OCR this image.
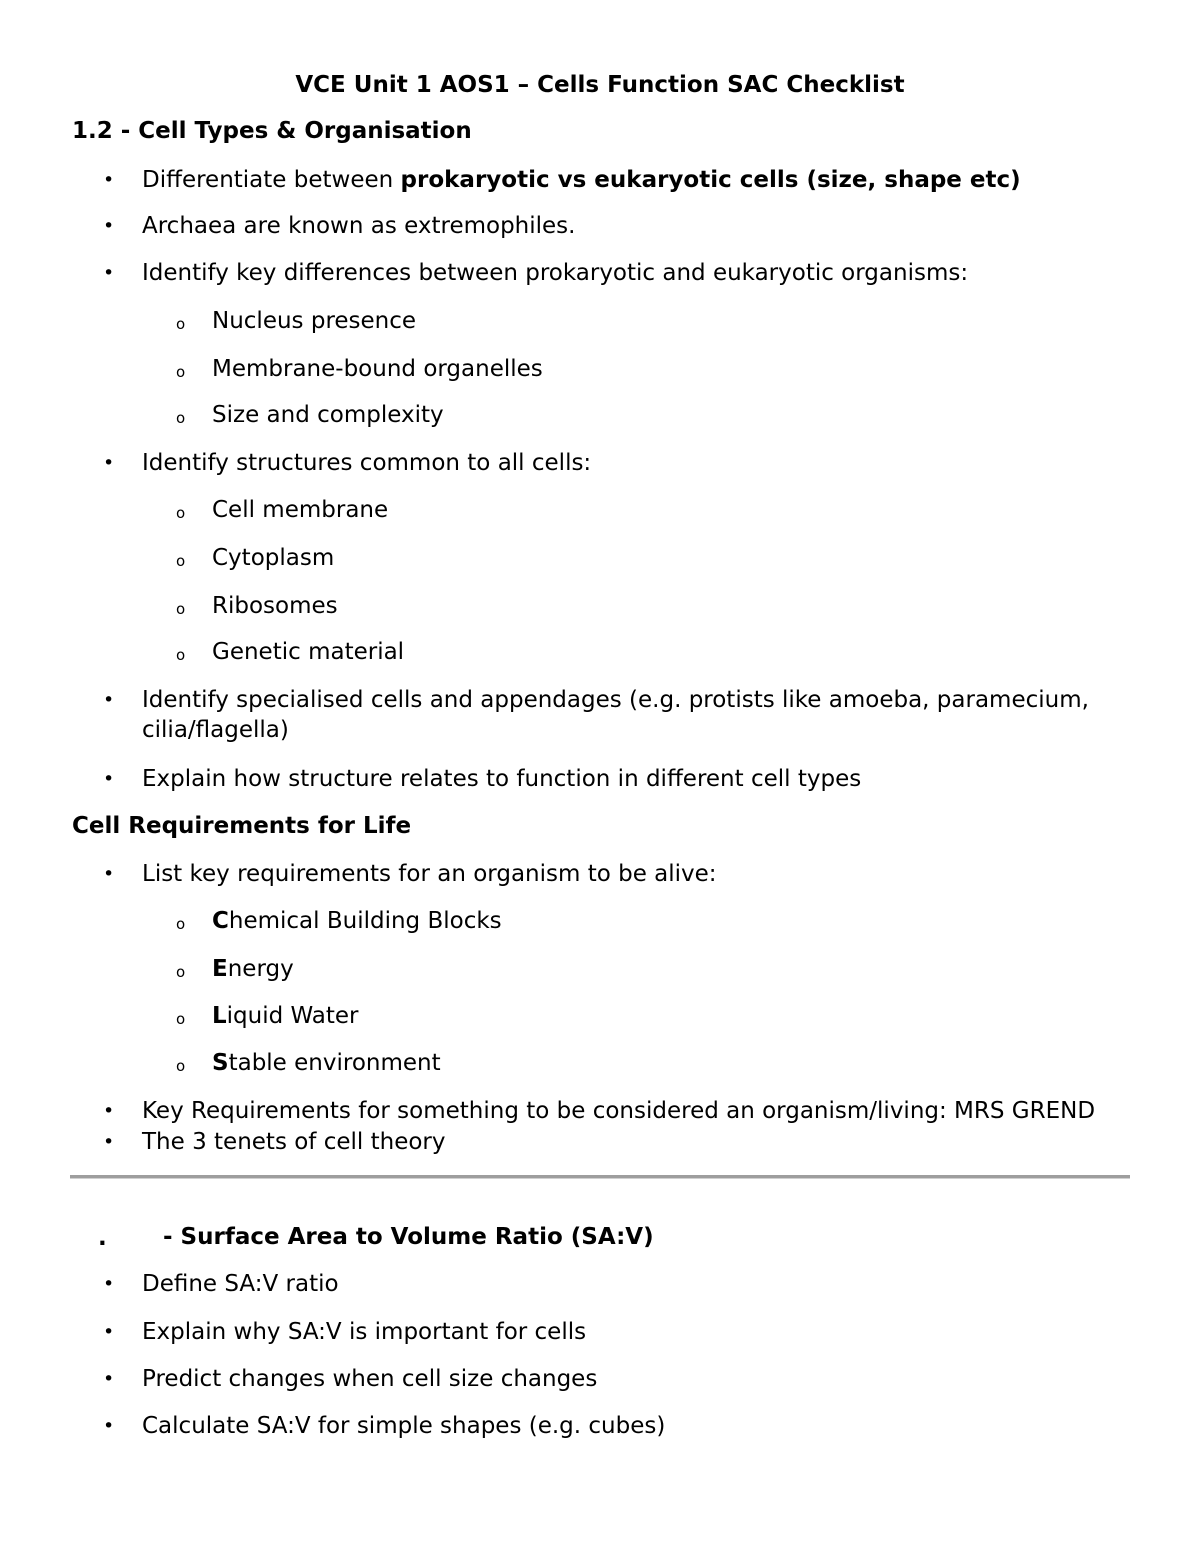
VCE Unit 1 AOS1 – Cells Function SAC Checklist
1.2 - Cell Types & Organisation
Differentiate between prokaryotic vs eukaryotic cells (size, shape etc)
Archaea are known as extremophiles.
Identify key differences between prokaryotic and eukaryotic organisms:
Nucleus presence
Membrane-bound organelles
Size and complexity
Identify structures common to all cells:
Cell membrane
Cytoplasm
Ribosomes
Genetic material
Identify specialised cells and appendages (e.g. protists like amoeba, paramecium, cilia/flagella)
Explain how structure relates to function in different cell types
Cell Requirements for Life
List key requirements for an organism to be alive:
Chemical Building Blocks
Energy
Liquid Water
Stable environment
Key Requirements for something to be considered an organism/living: MRS GREND
The 3 tenets of cell theory
. - Surface Area to Volume Ratio (SA:V)
Define SA:V ratio
Explain why SA:V is important for cells
Predict changes when cell size changes
Calculate SA:V for simple shapes (e.g. cubes)
